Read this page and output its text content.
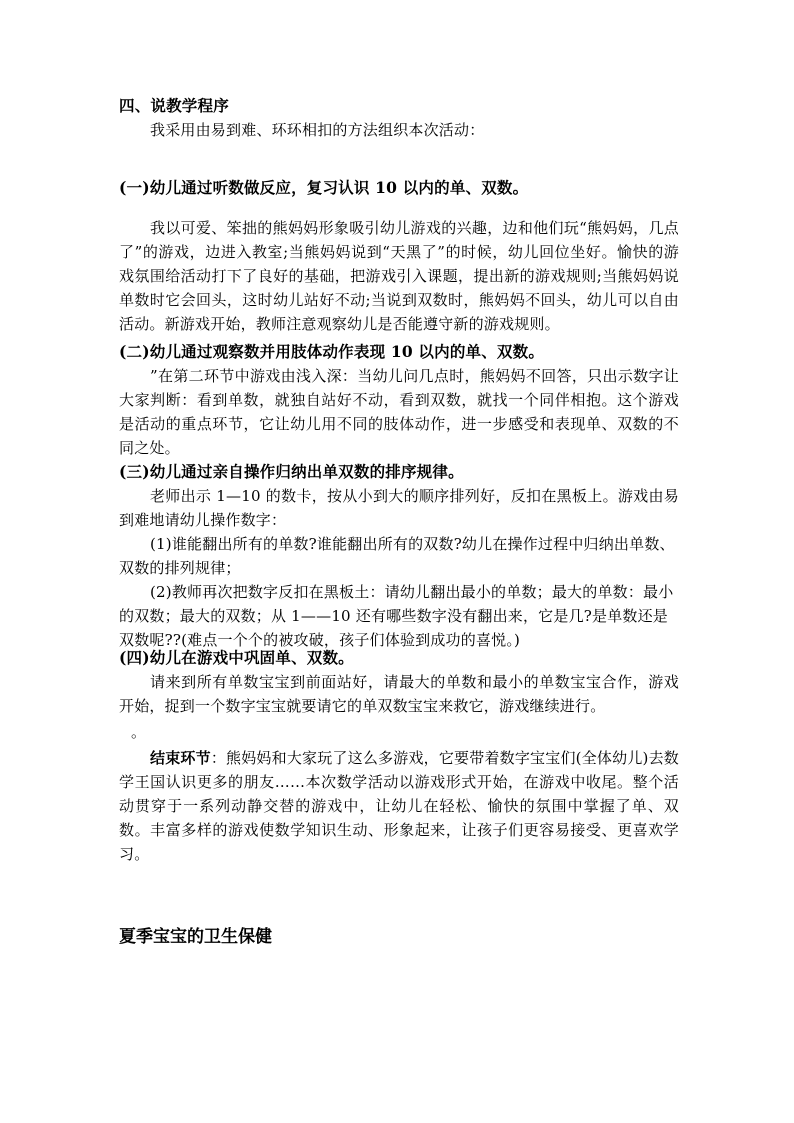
四、说教学程序
我采用由易到难、环环相扣的方法组织本次活动：
(一)幼儿通过听数做反应，复习认识 10 以内的单、双数。
我以可爱、笨拙的熊妈妈形象吸引幼儿游戏的兴趣，边和他们玩“熊妈妈，几点了”的游戏，边进入教室;当熊妈妈说到“天黑了”的时候，幼儿回位坐好。愉快的游戏氛围给活动打下了良好的基础，把游戏引入课题，提出新的游戏规则;当熊妈妈说单数时它会回头，这时幼儿站好不动;当说到双数时，熊妈妈不回头，幼儿可以自由活动。新游戏开始，教师注意观察幼儿是否能遵守新的游戏规则。
(二)幼儿通过观察数并用肢体动作表现 10 以内的单、双数。
”在第二环节中游戏由浅入深：当幼儿问几点时，熊妈妈不回答，只出示数字让大家判断：看到单数，就独自站好不动，看到双数，就找一个同伴相抱。这个游戏是活动的重点环节，它让幼儿用不同的肢体动作，进一步感受和表现单、双数的不同之处。
(三)幼儿通过亲自操作归纳出单双数的排序规律。
老师出示 1—10 的数卡，按从小到大的顺序排列好，反扣在黑板上。游戏由易到难地请幼儿操作数字：
(1)谁能翻出所有的单数?谁能翻出所有的双数?幼儿在操作过程中归纳出单数、双数的排列规律；
(2)教师再次把数字反扣在黑板土：请幼儿翻出最小的单数；最大的单数：最小的双数；最大的双数；从 1——10 还有哪些数字没有翻出来，它是几?是单数还是双数呢??(难点一个个的被攻破，孩子们体验到成功的喜悦。)
(四)幼儿在游戏中巩固单、双数。
请来到所有单数宝宝到前面站好，请最大的单数和最小的单数宝宝合作，游戏开始，捉到一个数字宝宝就要请它的单双数宝宝来救它，游戏继续进行。
。
结束环节：熊妈妈和大家玩了这么多游戏，它要带着数字宝宝们(全体幼儿)去数学王国认识更多的朋友……本次数学活动以游戏形式开始，在游戏中收尾。整个活动贯穿于一系列动静交替的游戏中，让幼儿在轻松、愉快的氛围中掌握了单、双数。丰富多样的游戏使数学知识生动、形象起来，让孩子们更容易接受、更喜欢学习。
夏季宝宝的卫生保健
